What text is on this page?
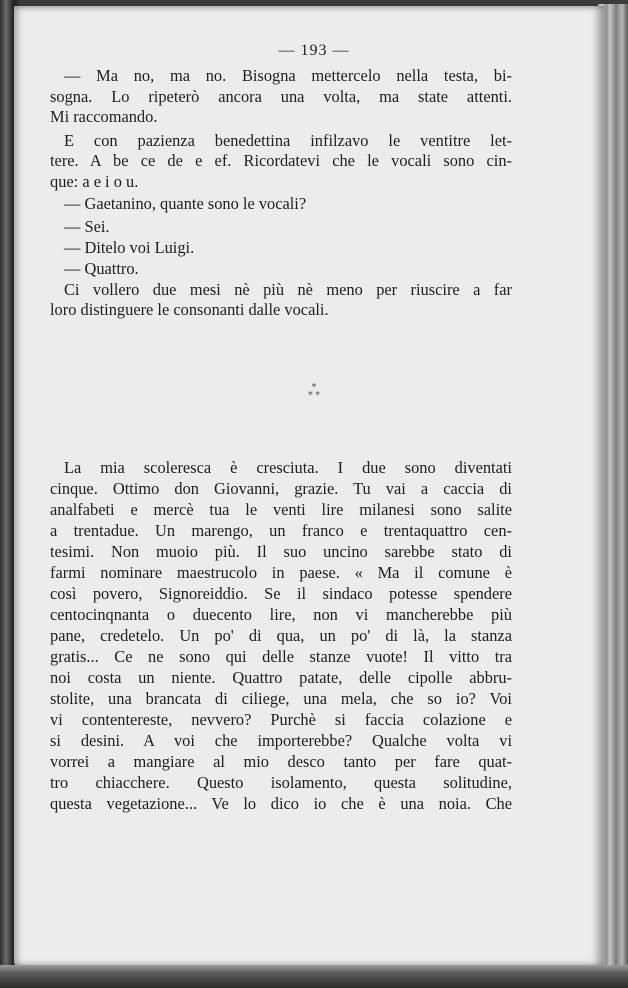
— 193 —
— Ma no, ma no. Bisogna mettercelo nella testa, bi-
sogna. Lo ripeterò ancora una volta, ma state attenti.
Mi raccomando.
E con pazienza benedettina infilzavo le ventitre let-
tere. A be ce de e ef. Ricordatevi che le vocali sono cin-
que: a e i o u.
— Gaetanino, quante sono le vocali?
— Sei.
— Ditelo voi Luigi.
— Quattro.
Ci vollero due mesi nè più nè meno per riuscire a far
loro distinguere le consonanti dalle vocali.
*
* *
La mia scoleresca è cresciuta. I due sono diventati
cinque. Ottimo don Giovanni, grazie. Tu vai a caccia di
analfabeti e mercè tua le venti lire milanesi sono salite
a trentadue. Un marengo, un franco e trentaquattro cen-
tesimi. Non muoio più. Il suo uncino sarebbe stato di
farmi nominare maestrucolo in paese. « Ma il comune è
così povero, Signoreiddio. Se il sindaco potesse spendere
centocinqnanta o duecento lire, non vi mancherebbe più
pane, credetelo. Un po' di qua, un po' di là, la stanza
gratis... Ce ne sono qui delle stanze vuote! Il vitto tra
noi costa un niente. Quattro patate, delle cipolle abbru-
stolite, una brancata di ciliege, una mela, che so io? Voi
vi contentereste, nevvero? Purchè si faccia colazione e
si desini. A voi che importerebbe? Qualche volta vi
vorrei a mangiare al mio desco tanto per fare quat-
tro chiacchere. Questo isolamento, questa solitudine,
questa vegetazione... Ve lo dico io che è una noia. Che
